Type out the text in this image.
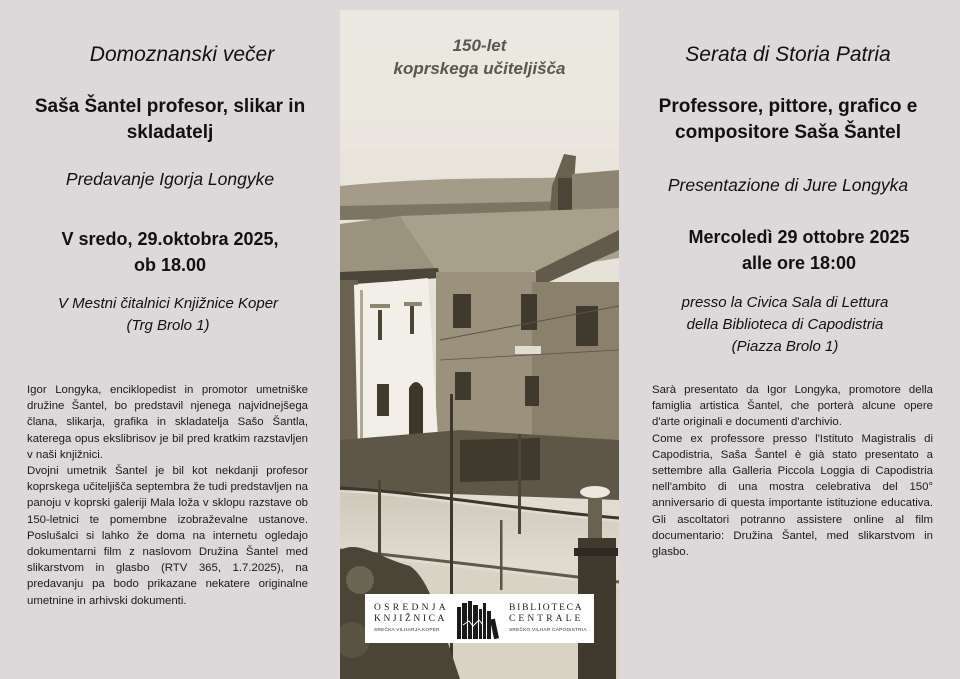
Domoznanski večer
Saša Šantel profesor, slikar in
skladatelj
Predavanje Igorja Longyke
V sredo, 29.oktobra 2025,
ob 18.00
V Mestni čitalnici Knjižnice Koper
(Trg Brolo 1)

Igor Longyka, enciklopedist in promotor umetniške družine Šantel, bo predstavil njenega najvidnejšega člana, slikarja, grafika in skladatelja Sašo Šantla, katerega opus ekslibrisov je bil pred kratkim razstavljen v naši knjižnici.

Dvojni umetnik Šantel je bil kot nekdanji profesor koprskega učiteljišča septembra že tudi predstavljen na panoju v koprski galeriji Mala loža v sklopu razstave ob 150-letnici te pomembne izobraževalne ustanove. Poslušalci si lahko že doma na internetu ogledajo dokumentarni film z naslovom Družina Šantel med slikarstvom in glasbo (RTV 365, 1.7.2025), na predavanju pa bodo prikazane nekatere originalne umetnine in arhivski dokumenti.

150-let
koprskega učiteljišča
OSREDNJA
KNJIŽNICA
SREČKA VILHARJA KOPER
BIBLIOTECA
CENTRALE
SREČKO VILHAR CAPODISTRIA
Serata di Storia Patria
Professore, pittore, grafico e
compositore Saša Šantel
Presentazione di Jure Longyka
Mercoledì 29 ottobre 2025
alle ore 18:00
presso la Civica Sala di Lettura
della Biblioteca di Capodistria
(Piazza Brolo 1)

Sarà presentato da Igor Longyka, promotore della famiglia artistica Šantel, che porterà alcune opere d'arte originali e documenti d'archivio.

Come ex professore presso l'Istituto Magistralis di Capodistria, Saša Šantel è già stato presentato a settembre alla Galleria Piccola Loggia di Capodistria nell'ambito di una mostra celebrativa del 150° anniversario di questa importante istituzione educativa. Gli ascoltatori potranno assistere online al film documentario: Družina Šantel, med slikarstvom in glasbo.
